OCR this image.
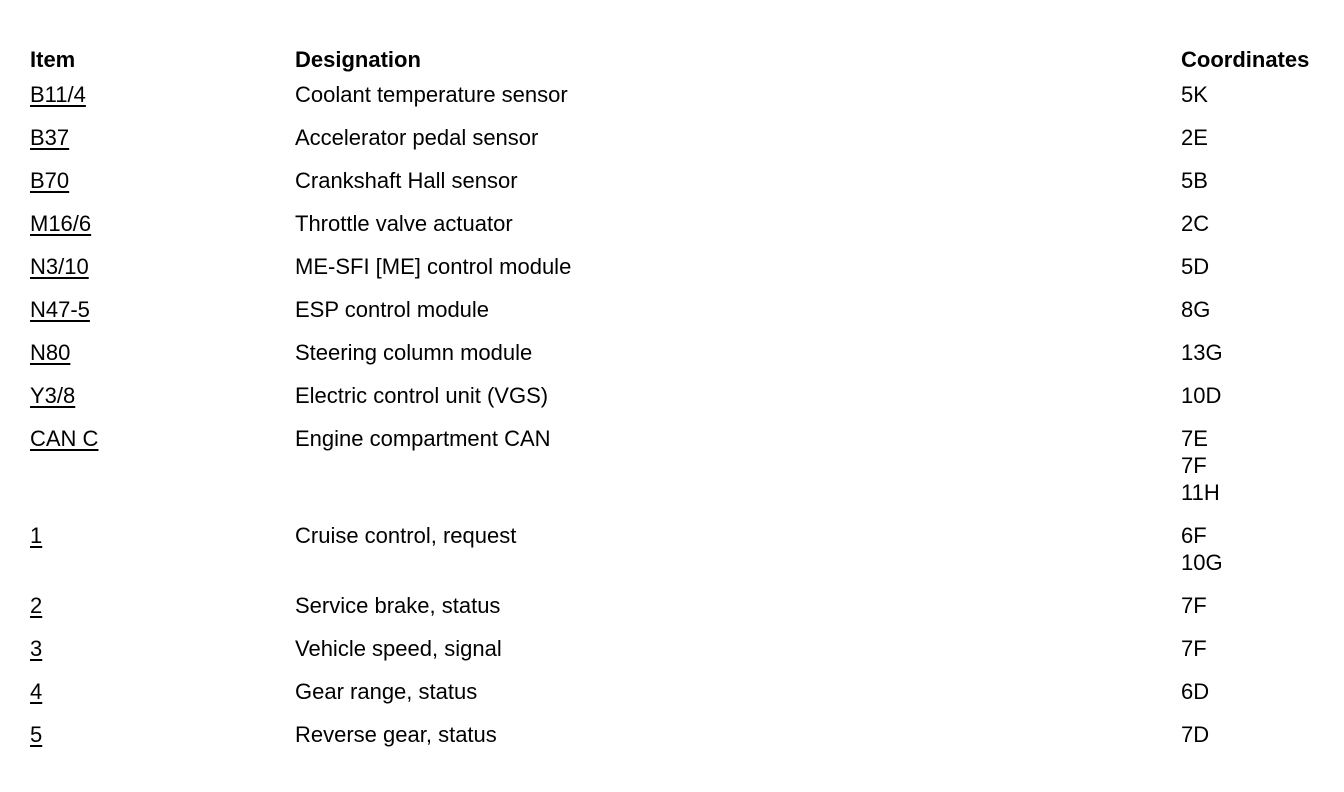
Item	Designation	Coordinates
B11/4	Coolant temperature sensor	5K

B37	Accelerator pedal sensor	2E

B70	Crankshaft Hall sensor	5B

M16/6	Throttle valve actuator	2C

N3/10	ME-SFI [ME] control module	5D

N47-5	ESP control module	8G

N80	Steering column module	13G

Y3/8	Electric control unit (VGS)	10D

CAN C	Engine compartment CAN	7E
7F
11H

1	Cruise control, request	6F
10G

2	Service brake, status	7F

3	Vehicle speed, signal	7F

4	Gear range, status	6D

5	Reverse gear, status	7D
